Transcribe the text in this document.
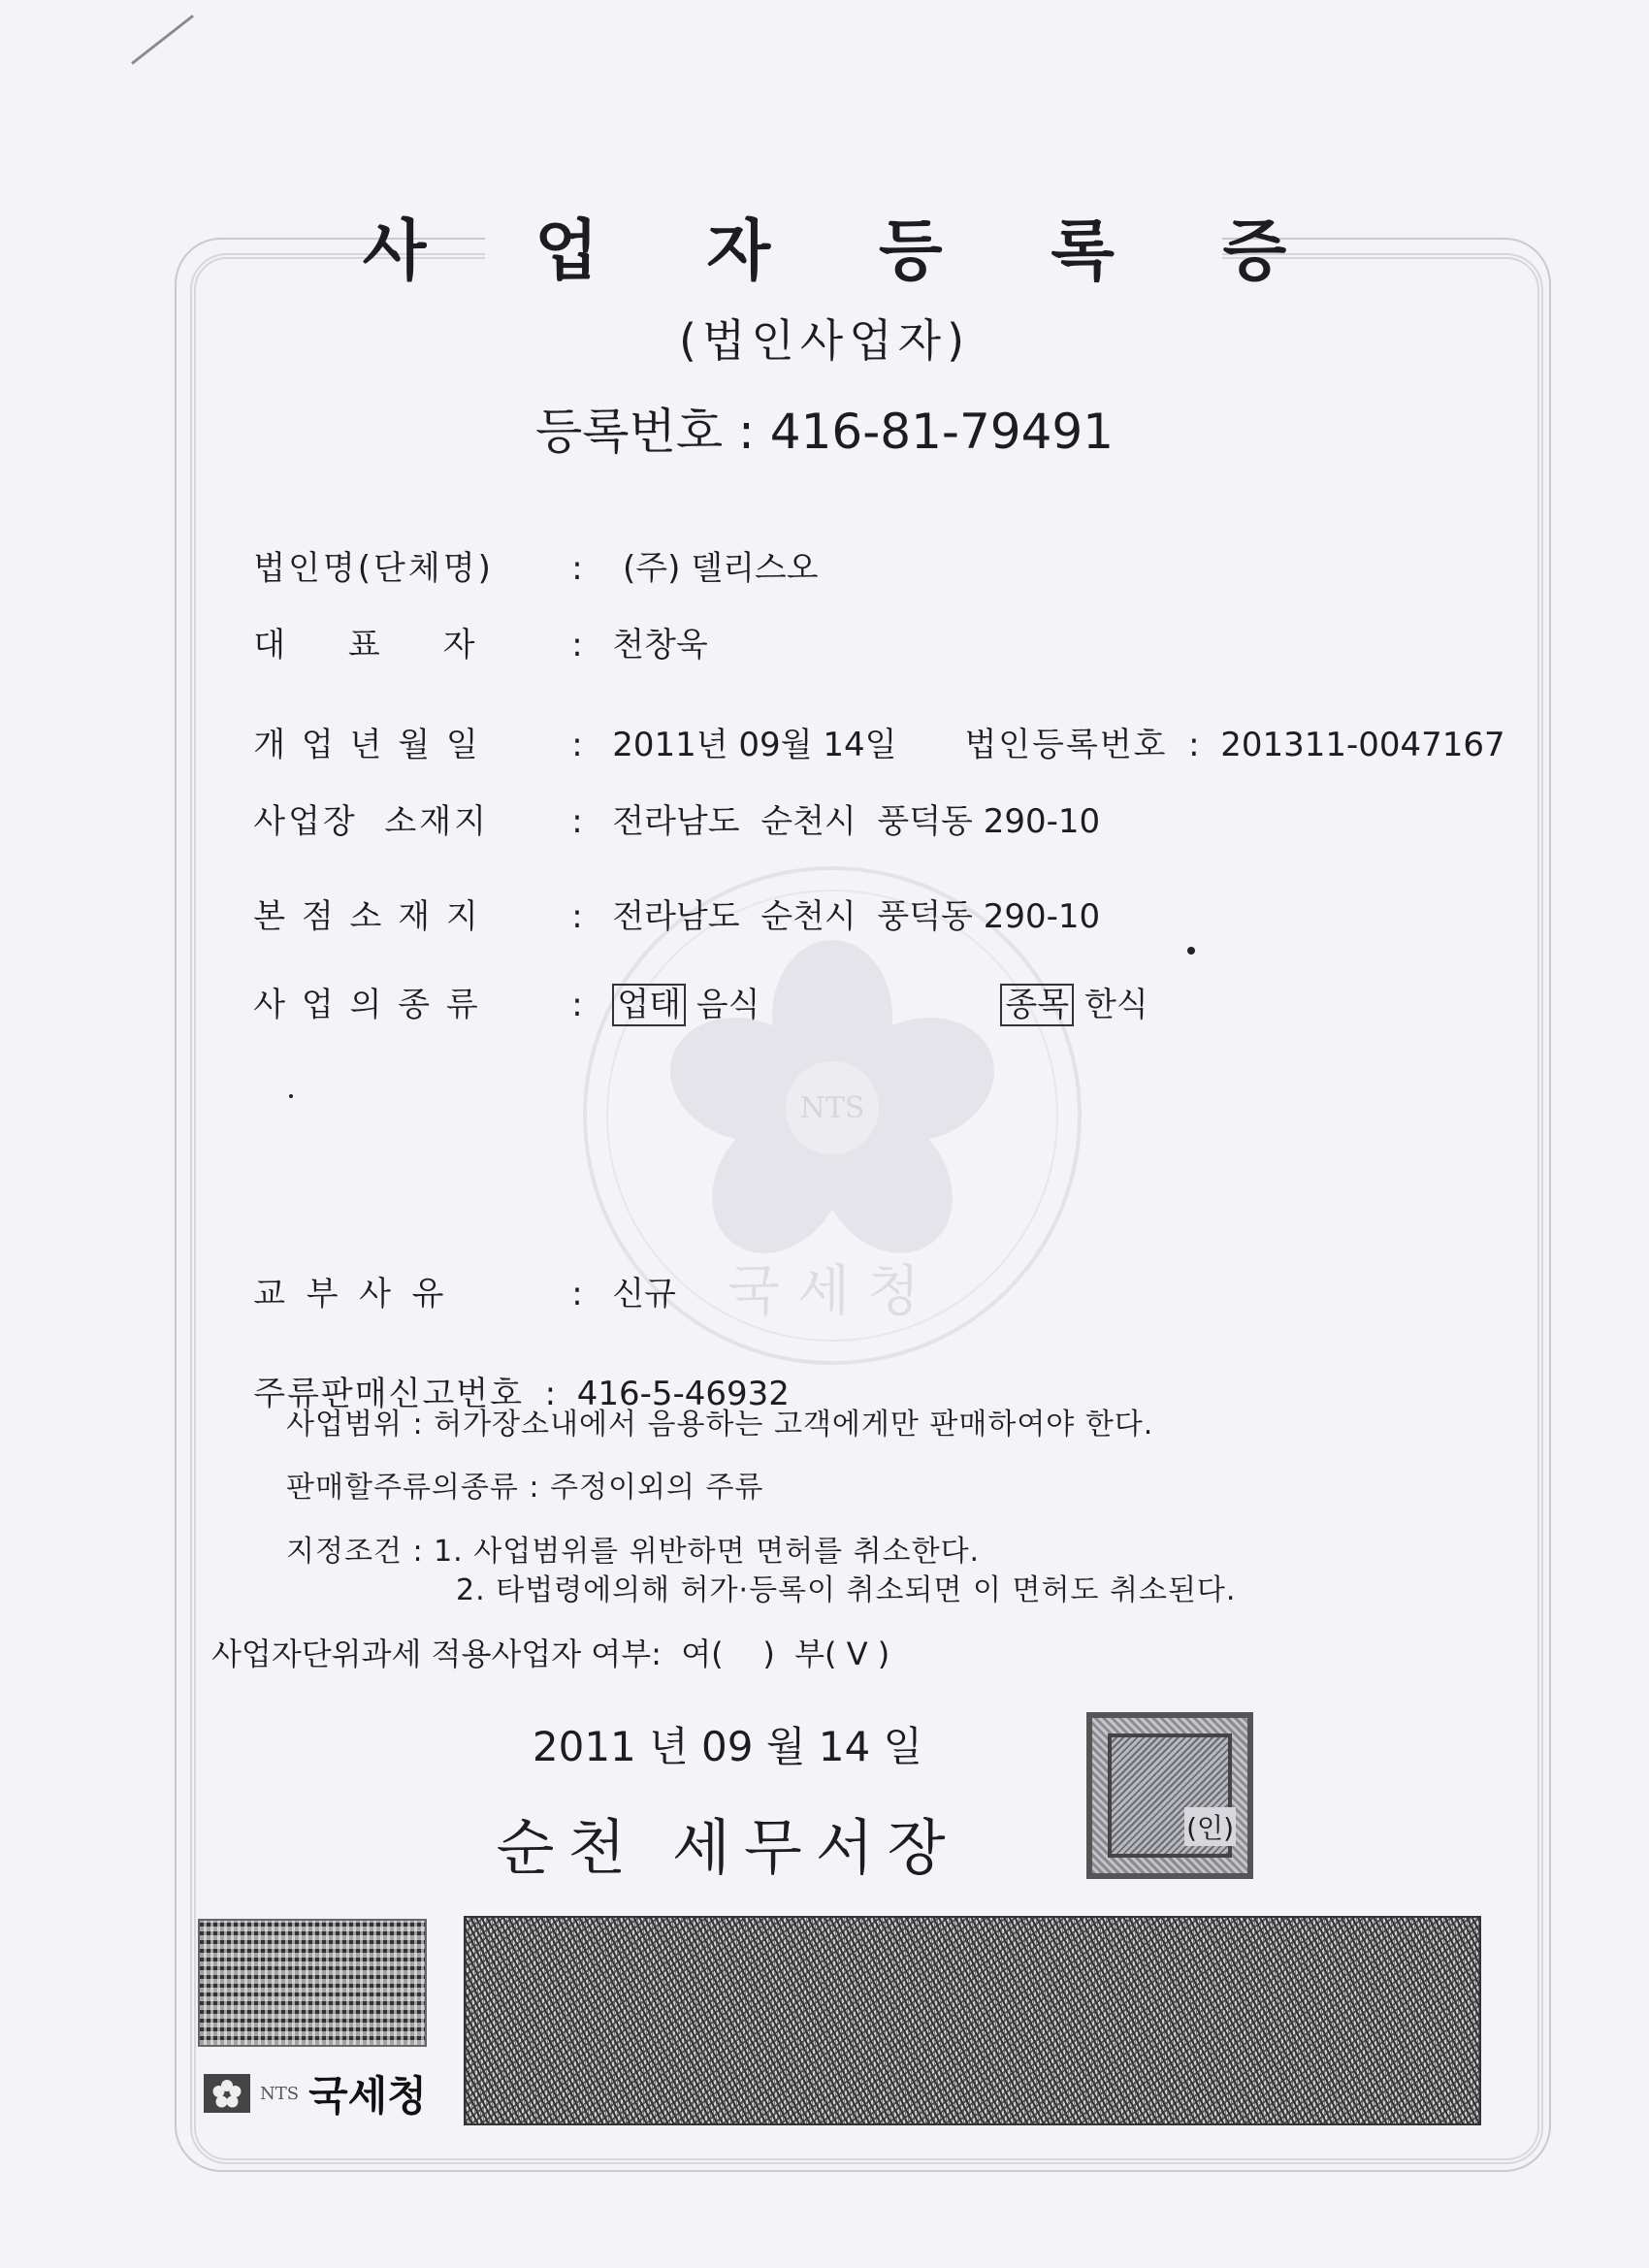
NTS
국세청
사 업 자 등 록 증
(법인사업자)
등록번호 : 416-81-79491

법인명(단체명) : (주) 델리스오

대      표      자	: 천창욱

개 업 년 월 일	: 2011년 09월 14일 법인등록번호  :  201311-0047167

사업장  소재지	: 전라남도  순천시  풍덕동 290-10

본 점 소 재 지	: 전라남도  순천시  풍덕동 290-10

사 업 의 종 류	: 업태 음식	종목 한식

교  부  사  유	: 신규

주류판매신고번호  :  416-5-46932

사업범위 : 허가장소내에서 음용하는 고객에게만 판매하여야 한다.
판매할주류의종류 : 주정이외의 주류
지정조건 : 1. 사업범위를 위반하면 면허를 취소한다.
2. 타법령에의해 허가·등록이 취소되면 이 면허도 취소된다.
사업자단위과세 적용사업자 여부:  여(    )  부( V )
2011 년 09 월 14 일
순천 세무서장	(인)
NTS 국세청
